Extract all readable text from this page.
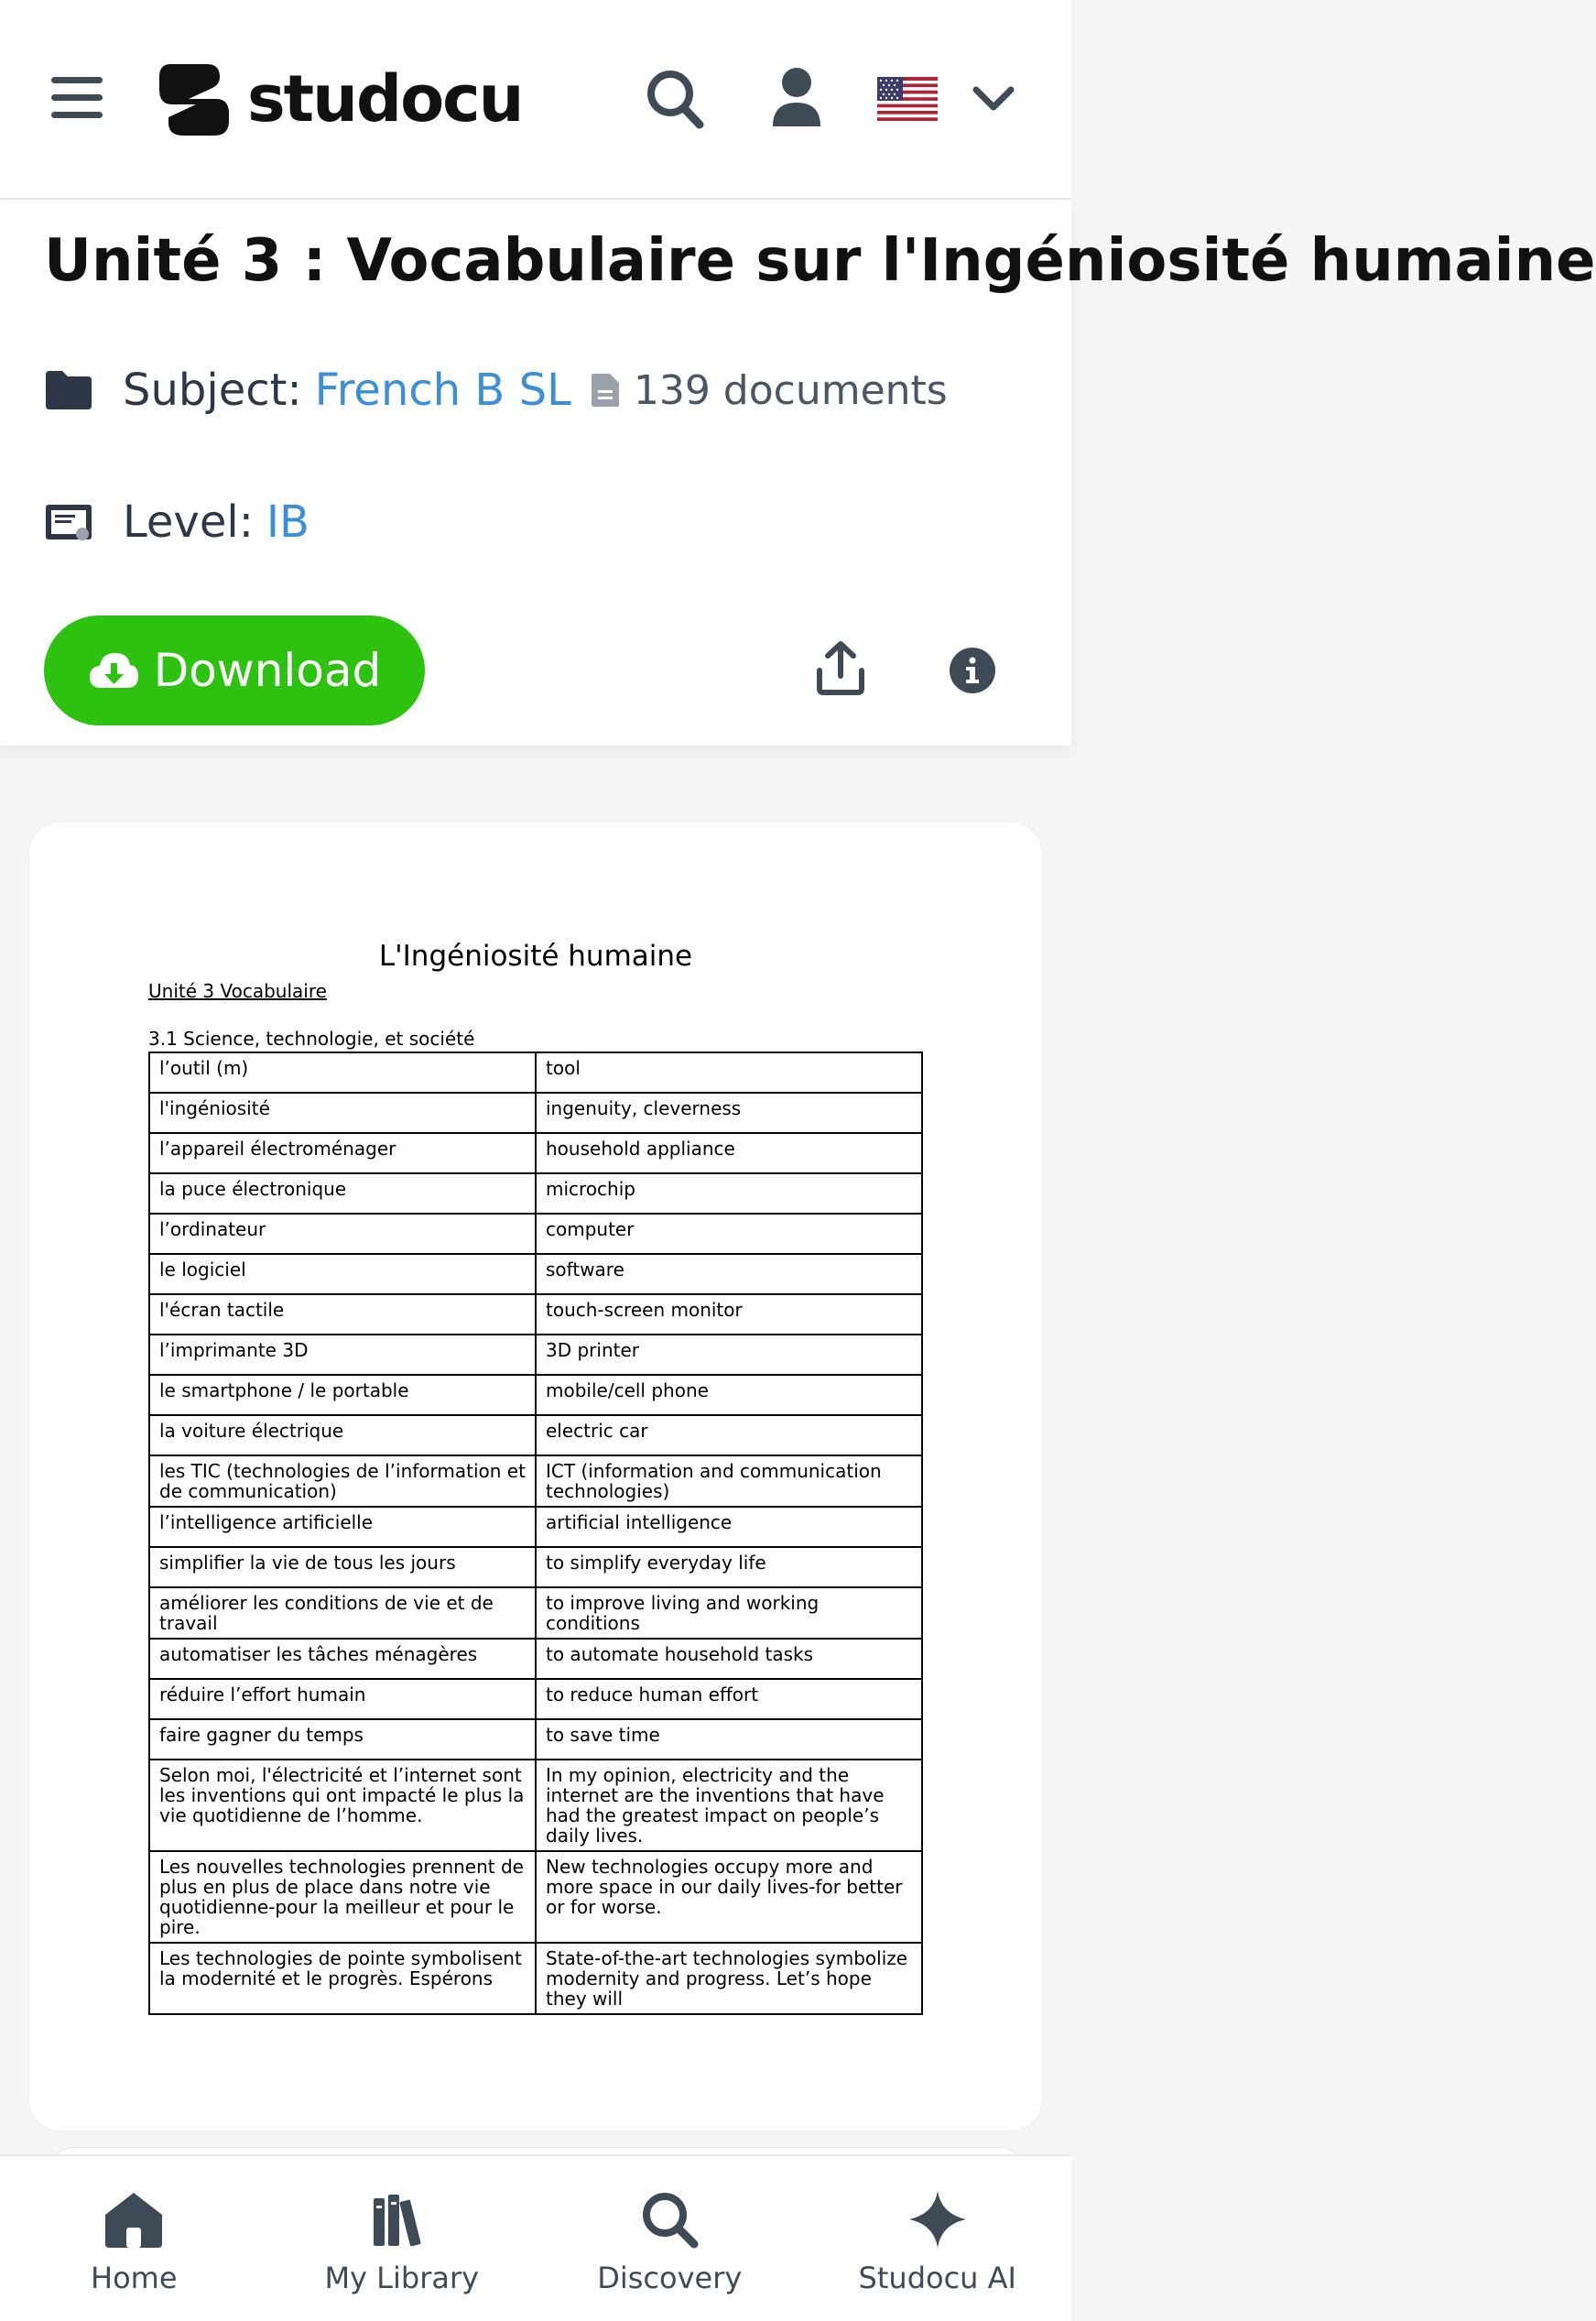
studocu
Unité 3 : Vocabulaire sur l'Ingéniosité humaine
Subject: French B SL 139 documents
Level: IB
Download
L'Ingéniosité humaine
Unité 3 Vocabulaire
3.1 Science, technologie, et société
l’outil (m)	tool
l'ingéniosité	ingenuity, cleverness
l’appareil électroménager	household appliance
la puce électronique	microchip
l’ordinateur	computer
le logiciel	software
l'écran tactile	touch-screen monitor
l’imprimante 3D	3D printer
le smartphone / le portable	mobile/cell phone
la voiture électrique	electric car
les TIC (technologies de l’information et de communication)	ICT (information and communication technologies)
l’intelligence artificielle	artificial intelligence
simplifier la vie de tous les jours	to simplify everyday life
améliorer les conditions de vie et de travail	to improve living and working conditions
automatiser les tâches ménagères	to automate household tasks
réduire l’effort humain	to reduce human effort
faire gagner du temps	to save time
Selon moi, l'électricité et l’internet sont les inventions qui ont impacté le plus la vie quotidienne de l’homme.	In my opinion, electricity and the internet are the inventions that have had the greatest impact on people’s daily lives.
Les nouvelles technologies prennent de plus en plus de place dans notre vie quotidienne-pour la meilleur et pour le pire.	New technologies occupy more and more space in our daily lives-for better or for worse.
Les technologies de pointe symbolisent la modernité et le progrès. Espérons	State-of-the-art technologies symbolize modernity and progress. Let’s hope they will
Home	My Library	Discovery	Studocu AI
